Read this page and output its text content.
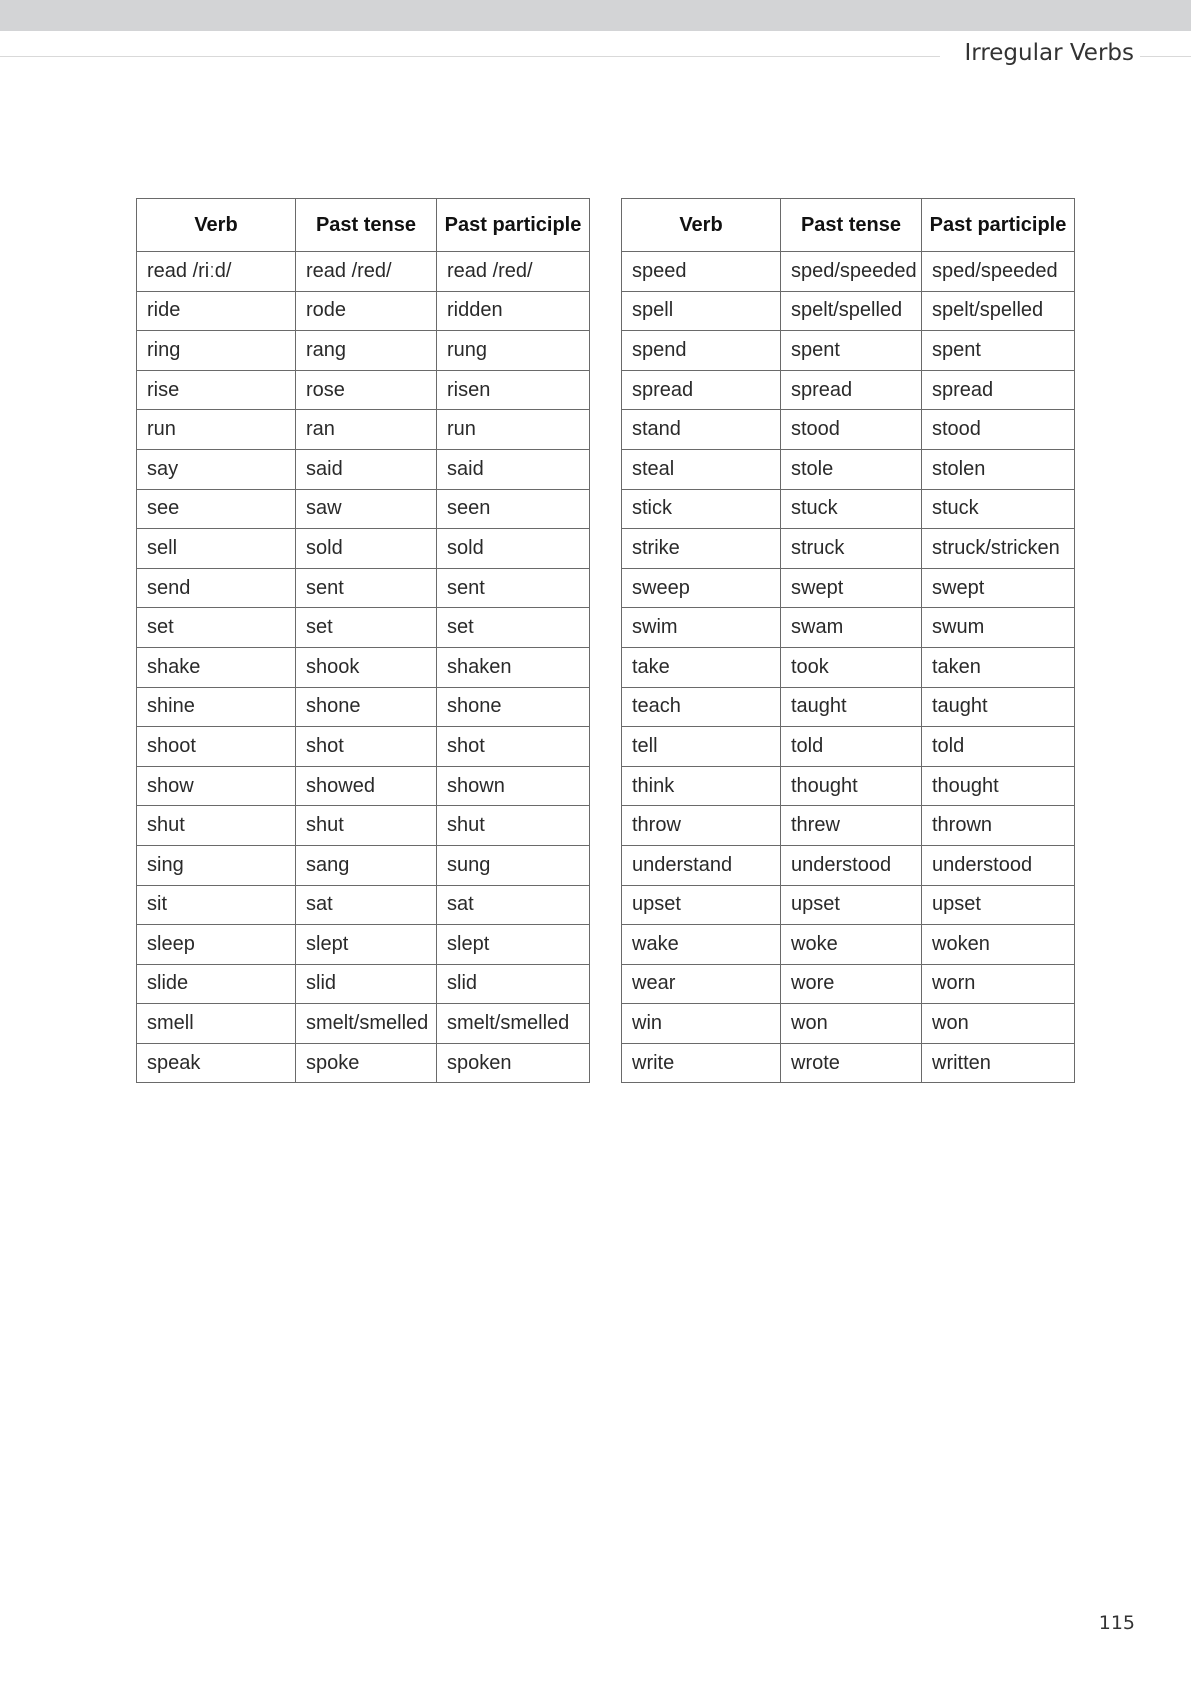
Irregular Verbs
Verb	Past tense	Past participle
read /riːd/	read /red/	read /red/
ride	rode	ridden
ring	rang	rung
rise	rose	risen
run	ran	run
say	said	said
see	saw	seen
sell	sold	sold
send	sent	sent
set	set	set
shake	shook	shaken
shine	shone	shone
shoot	shot	shot
show	showed	shown
shut	shut	shut
sing	sang	sung
sit	sat	sat
sleep	slept	slept
slide	slid	slid
smell	smelt/smelled	smelt/smelled
speak	spoke	spoken
Verb	Past tense	Past participle
speed	sped/speeded	sped/speeded
spell	spelt/spelled	spelt/spelled
spend	spent	spent
spread	spread	spread
stand	stood	stood
steal	stole	stolen
stick	stuck	stuck
strike	struck	struck/stricken
sweep	swept	swept
swim	swam	swum
take	took	taken
teach	taught	taught
tell	told	told
think	thought	thought
throw	threw	thrown
understand	understood	understood
upset	upset	upset
wake	woke	woken
wear	wore	worn
win	won	won
write	wrote	written
115
